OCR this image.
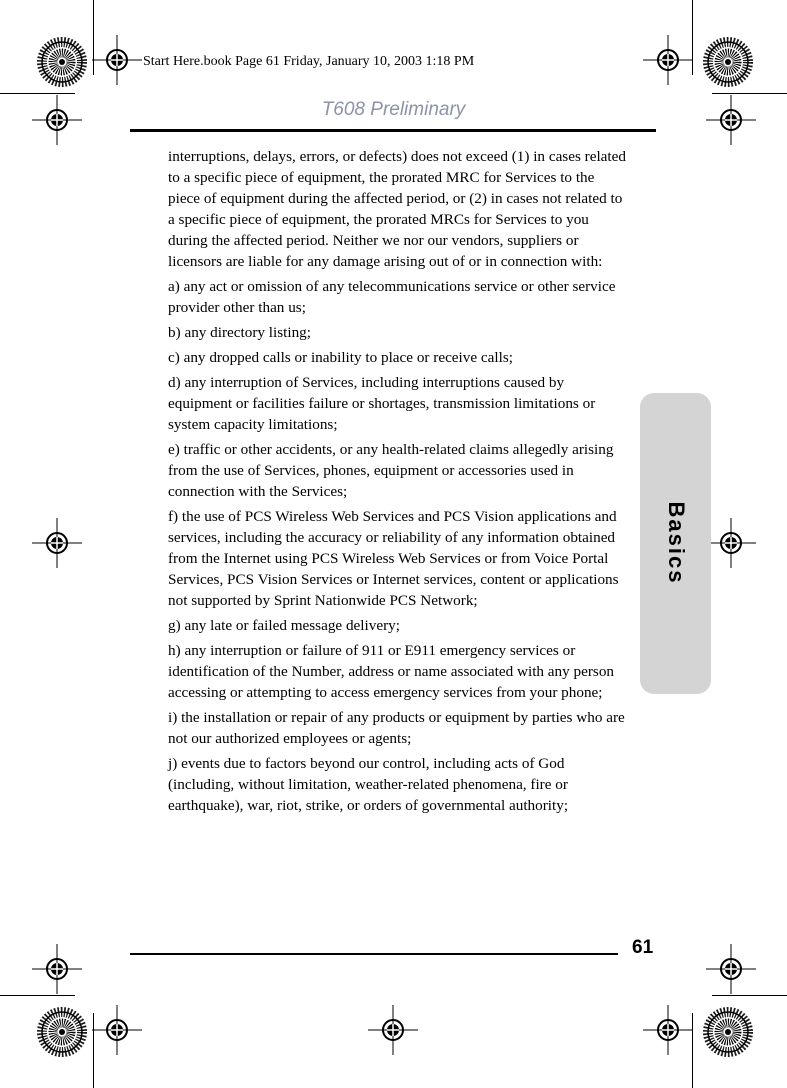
Start Here.book Page 61 Friday, January 10, 2003 1:18 PM
T608 Preliminary
Basics

interruptions, delays, errors, or defects) does not exceed (1) in cases related to a specific piece of equipment, the prorated MRC for Services to the piece of equipment during the affected period, or (2) in cases not related to a specific piece of equipment, the prorated MRCs for Services to you during the affected period. Neither we nor our vendors, suppliers or licensors are liable for any damage arising out of or in connection with:

a) any act or omission of any telecommunications service or other service provider other than us;

b) any directory listing;

c) any dropped calls or inability to place or receive calls;

d) any interruption of Services, including interruptions caused by equipment or facilities failure or shortages, transmission limitations or system capacity limitations;

e) traffic or other accidents, or any health-related claims allegedly arising from the use of Services, phones, equipment or accessories used in connection with the Services;

f) the use of PCS Wireless Web Services and PCS Vision applications and services, including the accuracy or reliability of any information obtained from the Internet using PCS Wireless Web Services or from Voice Portal Services, PCS Vision Services or Internet services, content or applications not supported by Sprint Nationwide PCS Network;

g) any late or failed message delivery;

h) any interruption or failure of 911 or E911 emergency services or identification of the Number, address or name associated with any person accessing or attempting to access emergency services from your phone;

i) the installation or repair of any products or equipment by parties who are not our authorized employees or agents;

j) events due to factors beyond our control, including acts of God (including, without limitation, weather-related phenomena, fire or earthquake), war, riot, strike, or orders of governmental authority;

61
